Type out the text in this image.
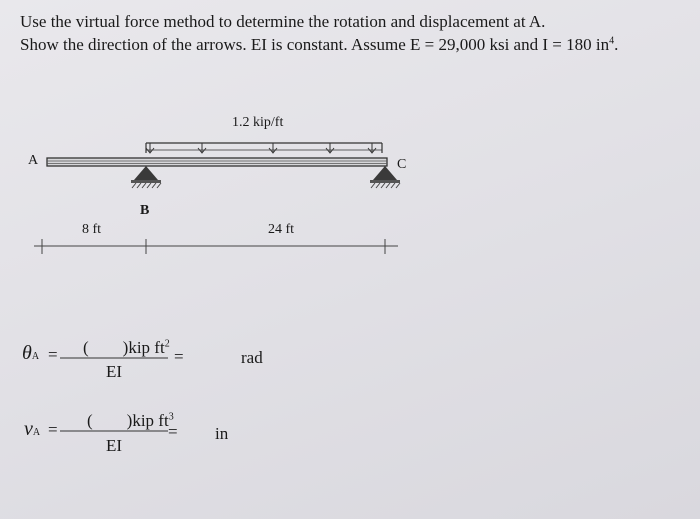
Use the virtual force method to determine the rotation and displacement at A.
Show the direction of the arrows. EI is constant. Assume E = 29,000 ksi and I = 180 $in^4$.
1.2 kip/ft
A
B
C
8 ft	24 ft
θA = ( )kip $ft^2$
EI
=	rad
vA = ( )kip $ft^3$
EI
= in
